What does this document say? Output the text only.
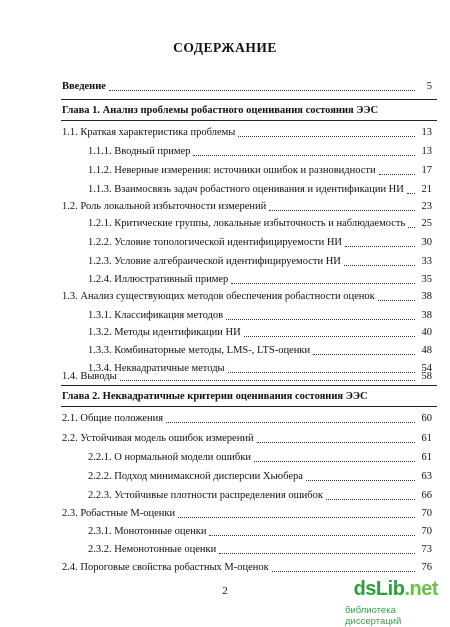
СОДЕРЖАНИЕ
Введение	5
Глава 1. Анализ проблемы робастного оценивания состояния ЭЭС
1.1. Краткая характеристика проблемы	13
1.1.1. Вводный пример	13
1.1.2. Неверные измерения: источники ошибок и разновидности	17
1.1.3. Взаимосвязь задач робастного оценивания и идентификации НИ	21
1.2. Роль локальной избыточности измерений	23
1.2.1. Критические группы, локальные избыточность и наблюдаемость	25
1.2.2. Условие топологической идентифицируемости НИ	30
1.2.3. Условие алгебраической идентифицируемости НИ	33
1.2.4. Иллюстративный пример	35
1.3. Анализ существующих методов обеспечения робастности оценок	38
1.3.1. Классификация методов	38
1.3.2. Методы идентификации НИ	40
1.3.3. Комбинаторные методы, LMS-, LTS-оценки	48
1.3.4. Неквадратичные методы	54
1.4. Выводы	58
Глава 2. Неквадратичные критерии оценивания состояния ЭЭС
2.1. Общие положения	60
2.2. Устойчивая модель ошибок измерений	61
2.2.1. О нормальной модели ошибки	61
2.2.2. Подход минимаксной дисперсии Хьюбера	63
2.2.3. Устойчивые плотности распределения ошибок	66
2.3. Робастные М-оценки	70
2.3.1. Монотонные оценки	70
2.3.2. Немонотонные оценки	73
2.4. Пороговые свойства робастных М-оценок	76
2	dsLib.net
библиотека диссертаций
